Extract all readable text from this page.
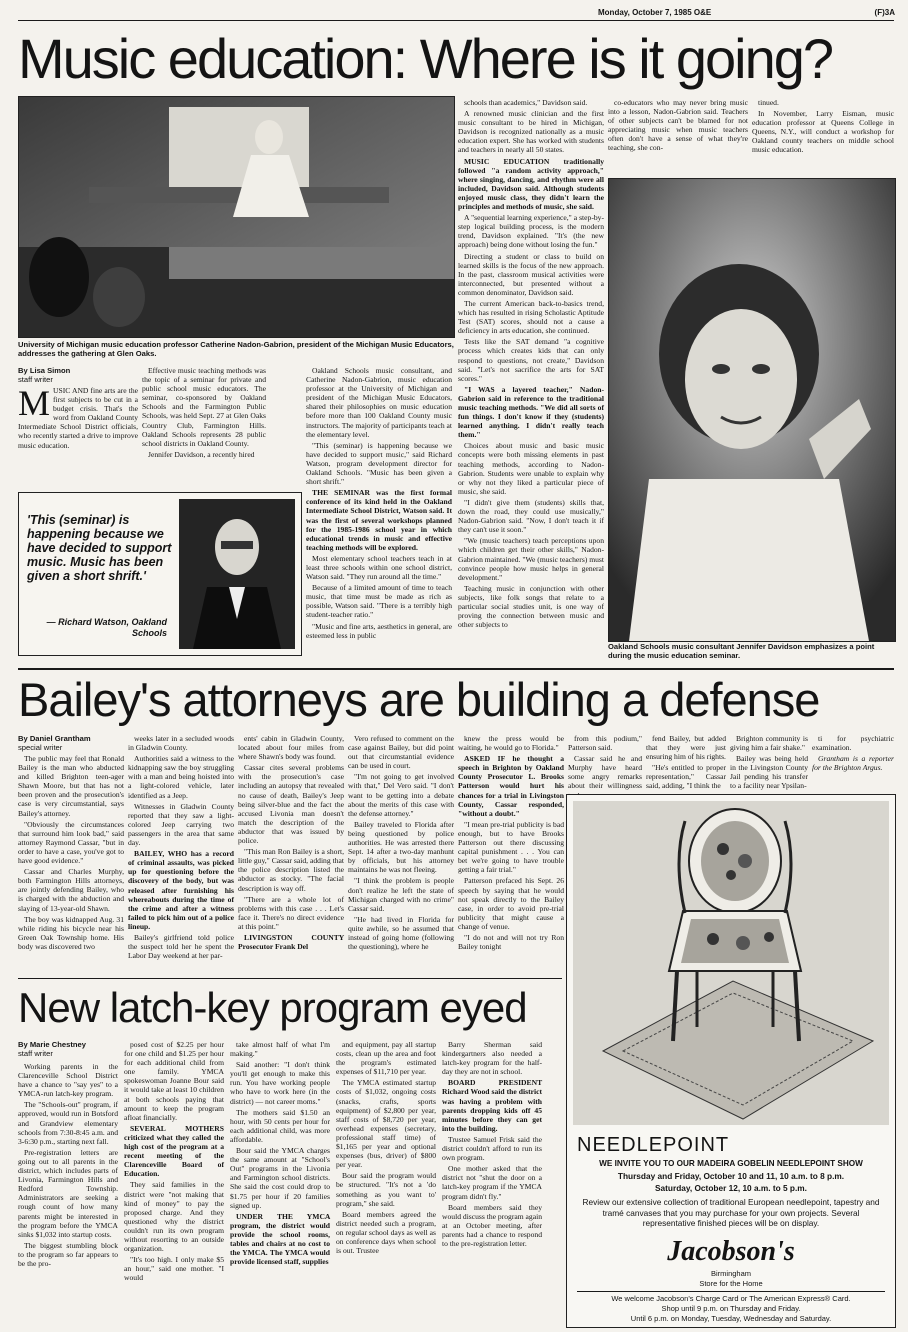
Monday, October 7, 1985 O&E	(F)3A
Music education: Where is it going?
University of Michigan music education professor Catherine Nadon-Gabrion, president of the Michigan Music Educators, addresses the gathering at Glen Oaks.
By Lisa Simon
staff writer
M USIC AND fine arts are the first subjects to be cut in a budget crisis. That's the word from Oakland County Intermediate School District officials, who recently started a drive to improve music education.
'This (seminar) is happening because we have decided to support music. Music has been given a short shrift.'
— Richard Watson, Oakland Schools

Effective music teaching methods was the topic of a seminar for private and public school music educators. The seminar, co-sponsored by Oakland Schools and the Farmington Public Schools, was held Sept. 27 at Glen Oaks Country Club, Farmington Hills. Oakland Schools represents 28 public school districts in Oakland County.

Jennifer Davidson, a recently hired

Oakland Schools music consultant, and Catherine Nadon-Gabrion, music education professor at the University of Michigan and president of the Michigan Music Educators, shared their philosophies on music education before more than 100 Oakland County music instructors. The majority of participants teach at the elementary level.

"This (seminar) is happening because we have decided to support music," said Richard Watson, program development director for Oakland Schools. "Music has been given a short shrift."

THE SEMINAR was the first formal conference of its kind held in the Oakland Intermediate School District, Watson said. It was the first of several workshops planned for the 1985-1986 school year in which educational trends in music and effective teaching methods will be explored.

Most elementary school teachers teach in at least three schools within one school district, Watson said. "They run around all the time."

Because of a limited amount of time to teach music, that time must be made as rich as possible, Watson said. "There is a terribly high student-teacher ratio."

"Music and fine arts, aesthetics in general, are esteemed less in public

schools than academics," Davidson said.

A renowned music clinician and the first music consultant to be hired in Michigan, Davidson is recognized nationally as a music education expert. She has worked with students and teachers in nearly all 50 states.

MUSIC EDUCATION traditionally followed "a random activity approach," where singing, dancing, and rhythm were all included, Davidson said. Although students enjoyed music class, they didn't learn the principles and methods of music, she said.

A "sequential learning experience," a step-by-step logical building process, is the modern trend, Davidson explained. "It's (the new approach) being done without losing the fun."

Directing a student or class to build on learned skills is the focus of the new approach. In the past, classroom musical activities were interconnected, but presented without a common denominator, Davidson said.

The current American back-to-basics trend, which has resulted in rising Scholastic Aptitude Test (SAT) scores, should not a cause a deficiency in arts education, she continued.

Tests like the SAT demand "a cognitive process which creates kids that can only respond to questions, not create," Davidson said. "Let's not sacrifice the arts for SAT scores."

"I WAS a layered teacher," Nadon-Gabrion said in reference to the traditional music teaching methods. "We did all sorts of fun things. I don't know if they (students) learned anything. I didn't really teach them."

Choices about music and basic music concepts were both missing elements in past teaching methods, according to Nadon-Gabrion. Students were unable to explain why or why not they liked a particular piece of music, she said.

"I didn't give them (students) skills that, down the road, they could use musically," Nadon-Gabrion said. "Now, I don't teach it if they can't use it soon."

"We (music teachers) teach perceptions upon which children get their other skills," Nadon-Gabrion maintained. "We (music teachers) must convince people how music helps in general development."

Teaching music in conjunction with other subjects, like folk songs that relate to a particular social studies unit, is one way of proving the connection between music and other subjects to

co-educators who may never bring music into a lesson, Nadon-Gabrion said. Teachers of other subjects can't be blamed for not appreciating music when music teachers often don't have a sense of what they're teaching, she con-

tinued.

In November, Larry Eisman, music education professor at Queens College in Queens, N.Y., will conduct a workshop for Oakland county teachers on middle school music education.

Oakland Schools music consultant Jennifer Davidson emphasizes a point during the music education seminar.
Bailey's attorneys are building a defense
By Daniel Grantham
special writer

The public may feel that Ronald Bailey is the man who abducted and killed Brighton teen-ager Shawn Moore, but that has not been proven and the prosecution's case is very circumstantial, says Bailey's attorney.

"Obviously the circumstances that surround him look bad," said attorney Raymond Cassar, "but in order to have a case, you've got to have good evidence."

Cassar and Charles Murphy, both Farmington Hills attorneys, are jointly defending Bailey, who is charged with the abduction and slaying of 13-year-old Shawn.

The boy was kidnapped Aug. 31 while riding his bicycle near his Green Oak Township home. His body was discovered two

weeks later in a secluded woods in Gladwin County.

Authorities said a witness to the kidnapping saw the boy struggling with a man and being hoisted into a light-colored vehicle, later identified as a Jeep.

Witnesses in Gladwin County reported that they saw a light-colored Jeep carrying two passengers in the area that same day.

BAILEY, WHO has a record of criminal assaults, was picked up for questioning before the discovery of the body, but was released after furnishing his whereabouts during the time of the crime and after a witness failed to pick him out of a police lineup.

Bailey's girlfriend told police the suspect told her he spent the Labor Day weekend at her par-

ents' cabin in Gladwin County, located about four miles from where Shawn's body was found.

Cassar cites several problems with the prosecution's case including an autopsy that revealed no cause of death, Bailey's Jeep being silver-blue and the fact the accused Livonia man doesn't match the description of the abductor that was issued by police.

"This man Ron Bailey is a short, little guy," Cassar said, adding that the police description listed the abductor as stocky. "The facial description is way off.

"There are a whole lot of problems with this case . . . Let's face it. There's no direct evidence at this point."

LIVINGSTON COUNTY Prosecutor Frank Del

Vero refused to comment on the case against Bailey, but did point out that circumstantial evidence can be used in court.

"I'm not going to get involved with that," Del Vero said. "I don't want to be getting into a debate about the merits of this case with the defense attorney."

Bailey traveled to Florida after being questioned by police authorities. He was arrested there Sept. 14 after a two-day manhunt by officials, but his attorney maintains he was not fleeing.

"I think the problem is people don't realize he left the state of Michigan charged with no crime" Cassar said.

"He had lived in Florida for quite awhile, so he assumed that instead of going home (following the questioning), where he

knew the press would be waiting, he would go to Florida."

ASKED IF he thought a speech in Brighton by Oakland County Prosecutor L. Brooks Patterson would hurt his chances for a trial in Livingston County, Cassar responded, "without a doubt."

"I mean pre-trial publicity is bad enough, but to have Brooks Patterson out there discussing capital punishment . . . You can bet we're going to have trouble getting a fair trial."

Patterson prefaced his Sept. 26 speech by saying that he would not speak directly to the Bailey case, in order to avoid pre-trial publicity that might cause a change of venue.

"I do not and will not try Ron Bailey tonight

from this podium," Patterson said.

Cassar said he and Murphy have heard some angry remarks about their willingness

fend Bailey, but added that they were just ensuring him of his rights.

"He's entitled to proper representation," Cassar said, adding, "I think the

Brighton community is giving him a fair shake."

Bailey was being held in the Livingston County Jail pending his transfer to a facility near Ypsilan-

ti for psychiatric examination.

Grantham is a reporter for the Brighton Argus.

New latch-key program eyed
By Marie Chestney
staff writer

Working parents in the Clarenceville School District have a chance to "say yes" to a YMCA-run latch-key program.

The "Schools-out" program, if approved, would run in Botsford and Grandview elementary schools from 7:30-8:45 a.m. and 3-6:30 p.m., starting next fall.

Pre-registration letters are going out to all parents in the district, which includes parts of Livonia, Farmington Hills and Redford Township. Administrators are seeking a rough count of how many parents might be interested in the program before the YMCA sinks $1,032 into startup costs.

The biggest stumbling block to the program so far appears to be the pro-

posed cost of $2.25 per hour for one child and $1.25 per hour for each additional child from one family. YMCA spokeswoman Joanne Bour said it would take at least 10 children at both schools paying that amount to keep the program afloat financially.

SEVERAL MOTHERS criticized what they called the high cost of the program at a recent meeting of the Clarenceville Board of Education.

They said families in the district were "not making that kind of money" to pay the proposed charge. And they questioned why the district couldn't run its own program without resorting to an outside organization.

"It's too high. I only make $5 an hour," said one mother. "I would

take almost half of what I'm making."

Said another: "I don't think you'll get enough to make this run. You have working people who have to work here (in the district) — not career moms."

The mothers said $1.50 an hour, with 50 cents per hour for each additional child, was more affordable.

Bour said the YMCA charges the same amount at "School's Out" programs in the Livonia and Farmington school districts. She said the cost could drop to $1.75 per hour if 20 families signed up.

UNDER THE YMCA program, the district would provide the school rooms, tables and chairs at no cost to the YMCA. The YMCA would provide licensed staff, supplies

and equipment, pay all startup costs, clean up the area and foot the program's estimated expenses of $11,710 per year.

The YMCA estimated startup costs of $1,032, ongoing costs (snacks, crafts, sports equipment) of $2,800 per year, staff costs of $8,720 per year, overhead expenses (secretary, professional staff time) of $1,165 per year and optional expenses (bus, driver) of $800 per year.

Bour said the program would be structured. "It's not a 'do something as you want to' program," she said.

Board members agreed the district needed such a program, on regular school days as well as on conference days when school is out. Trustee

Barry Sherman said kindergartners also needed a latch-key program for the half-day they are not in school.

BOARD PRESIDENT Richard Wood said the district was having a problem with parents dropping kids off 45 minutes before they can get into the building.

Trustee Samuel Frisk said the district couldn't afford to run its own program.

One mother asked that the district not "shut the door on a latch-key program if the YMCA program didn't fly."

Board members said they would discuss the program again at an October meeting, after parents had a chance to respond to the pre-registration letter.

NEEDLEPOINT
WE INVITE YOU TO OUR MADEIRA GOBELIN NEEDLEPOINT SHOW
Thursday and Friday, October 10 and 11, 10 a.m. to 8 p.m.
Saturday, October 12, 10 a.m. to 5 p.m.
Review our extensive collection of traditional European needlepoint, tapestry and tramé canvases that you may purchase for your own projects. Several representative finished pieces will be on display.
Jacobson's
Birmingham
Store for the Home
We welcome Jacobson's Charge Card or The American Express® Card.
Shop until 9 p.m. on Thursday and Friday.
Until 6 p.m. on Monday, Tuesday, Wednesday and Saturday.
